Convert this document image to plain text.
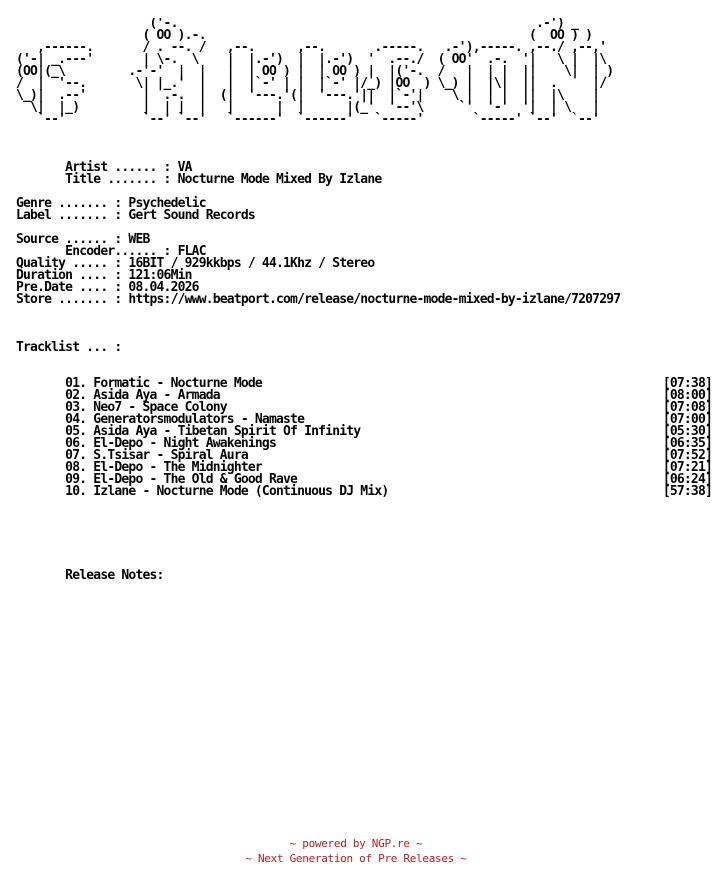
('-.                                                   .-') _
( OO ).-.                                              (  OO ) )
,------.       / . --. /   ,--.      ,--.       .-----.   .-'),-----. ,--./ ,--,'
('-| _.---'       | \-.  \    |  |.-')  |  |.-')  '  .--./  ( OO'  .-.  '|   \ |  |\
(OO|(_\         .-'-'  |  |   |  | OO ) |  | OO ) |  |('-.  /   |  | |  ||    \|  | )
/  |  '--.       \| |_.'  |   |  |`-' | |  |`-' |/_) |OO  ) \_) |  |\|  ||  .     |/
\_)|  .--'        |  .-.  |  (|  '---.'(|  '---.'||  |`-'|    \ |  | |  ||  |\    |
\|  |_)         |  | |  |   |      |  |      |(_'  '--'\     `'  '-'  '|  | \   |
`--'           `--' `--'   `------'  `------'   `-----'       `-----' `--'  `--'

Artist ...... : VA
Title ....... : Nocturne Mode Mixed By Izlane

Genre ....... : Psychedelic
Label ....... : Gert Sound Records

Source ...... : WEB
Encoder...... : FLAC
Quality ..... : 16BIT / 929kkbps / 44.1Khz / Stereo
Duration .... : 121:06Min
Pre.Date .... : 08.04.2026
Store ....... : https://www.beatport.com/release/nocturne-mode-mixed-by-izlane/7207297

Tracklist ... :

01. Formatic - Nocturne Mode	[07:38]
02. Asida Aya - Armada	[08:00]
03. Neo7 - Space Colony	[07:08]
04. Generatorsmodulators - Namaste	[07:00]
05. Asida Aya - Tibetan Spirit Of Infinity	[05:30]
06. El-Depo - Night Awakenings	[06:35]
07. S.Tsisar - Spiral Aura	[07:52]
08. El-Depo - The Midnighter	[07:21]
09. El-Depo - The Old & Good Rave	[06:24]
10. Izlane - Nocturne Mode (Continuous DJ Mix)	[57:38]

Release Notes:
~ powered by NGP.re ~
~ Next Generation of Pre Releases ~
